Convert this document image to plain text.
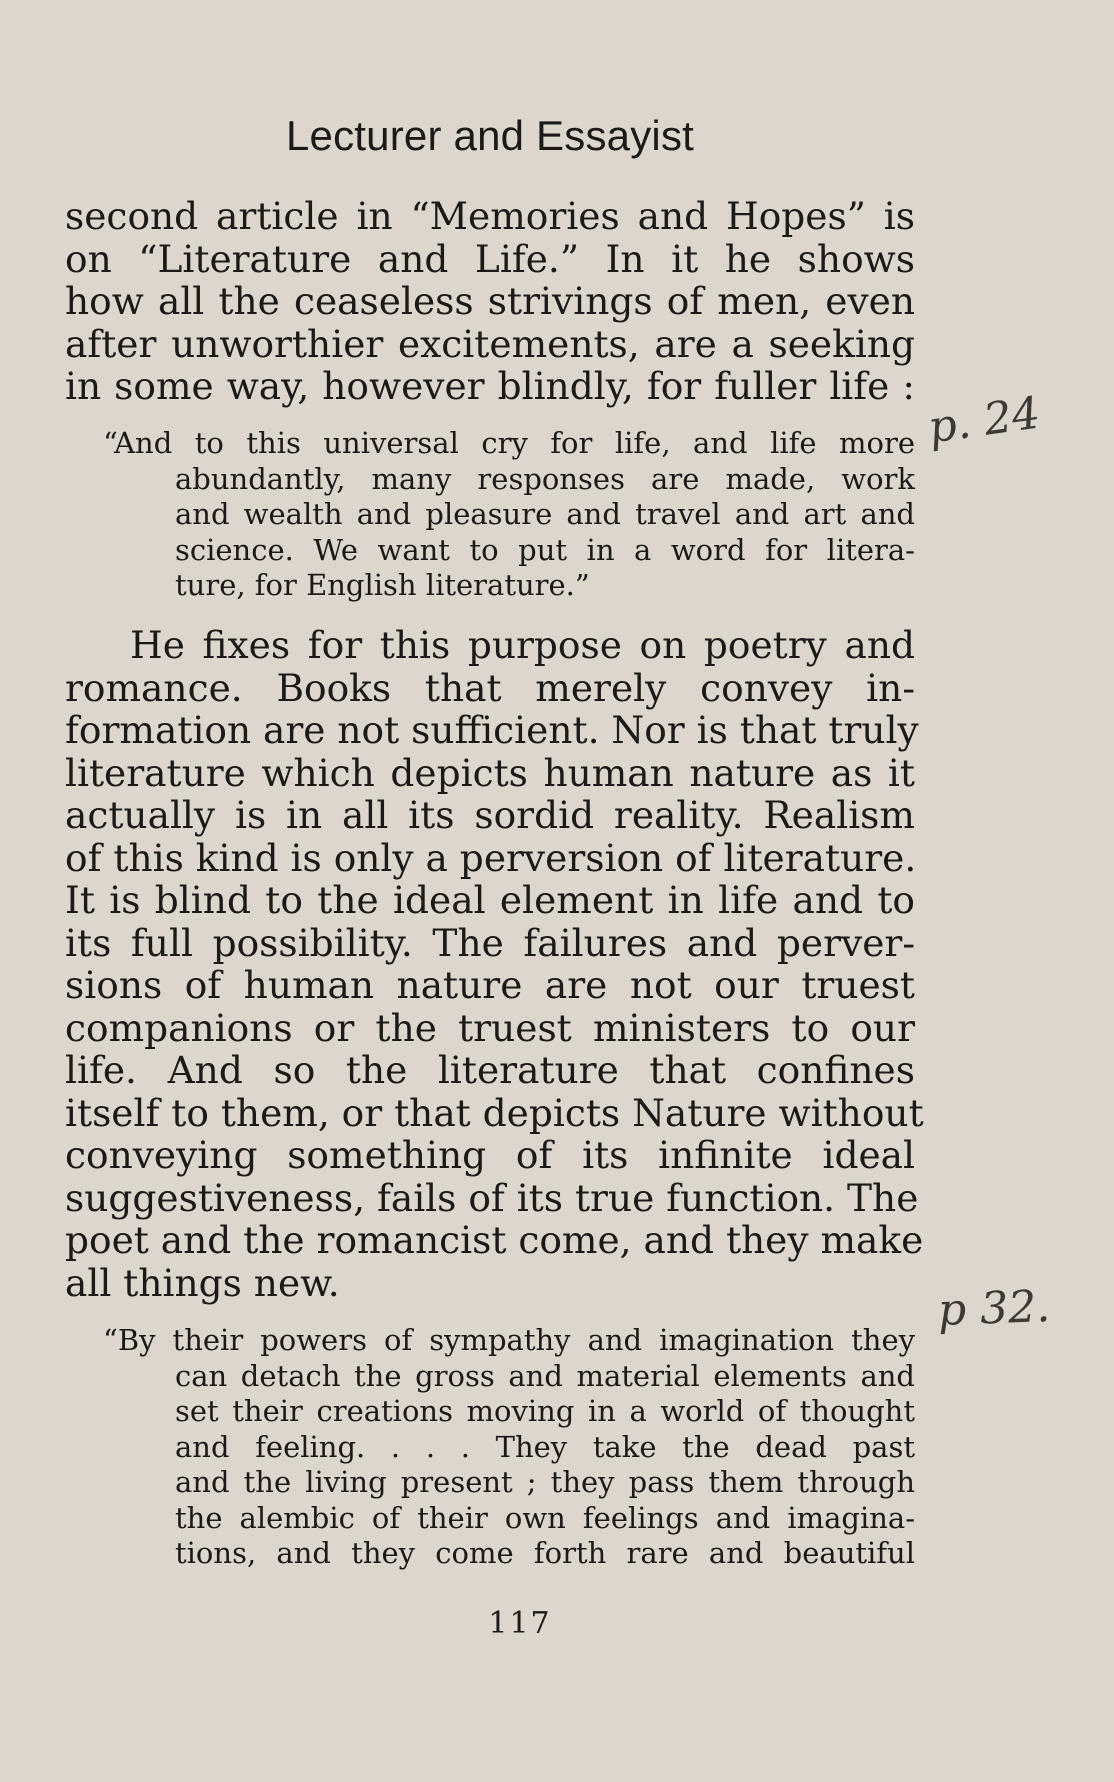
Lecturer and Essayist
second article in “Memories and Hopes” is
on “Literature and Life.” In it he shows
how all the ceaseless strivings of men, even
after unworthier excitements, are a seeking
in some way, however blindly, for fuller life :
“And to this universal cry for life, and life more
abundantly, many responses are made, work
and wealth and pleasure and travel and art and
science. We want to put in a word for litera-
ture, for English literature.”
He fixes for this purpose on poetry and
romance. Books that merely convey in-
formation are not sufficient. Nor is that truly
literature which depicts human nature as it
actually is in all its sordid reality. Realism
of this kind is only a perversion of literature.
It is blind to the ideal element in life and to
its full possibility. The failures and perver-
sions of human nature are not our truest
companions or the truest ministers to our
life. And so the literature that confines
itself to them, or that depicts Nature without
conveying something of its infinite ideal
suggestiveness, fails of its true function. The
poet and the romancist come, and they make
all things new.
“By their powers of sympathy and imagination they
can detach the gross and material elements and
set their creations moving in a world of thought
and feeling. . . . They take the dead past
and the living present ; they pass them through
the alembic of their own feelings and imagina-
tions, and they come forth rare and beautiful
p. 24
p 32.
117
